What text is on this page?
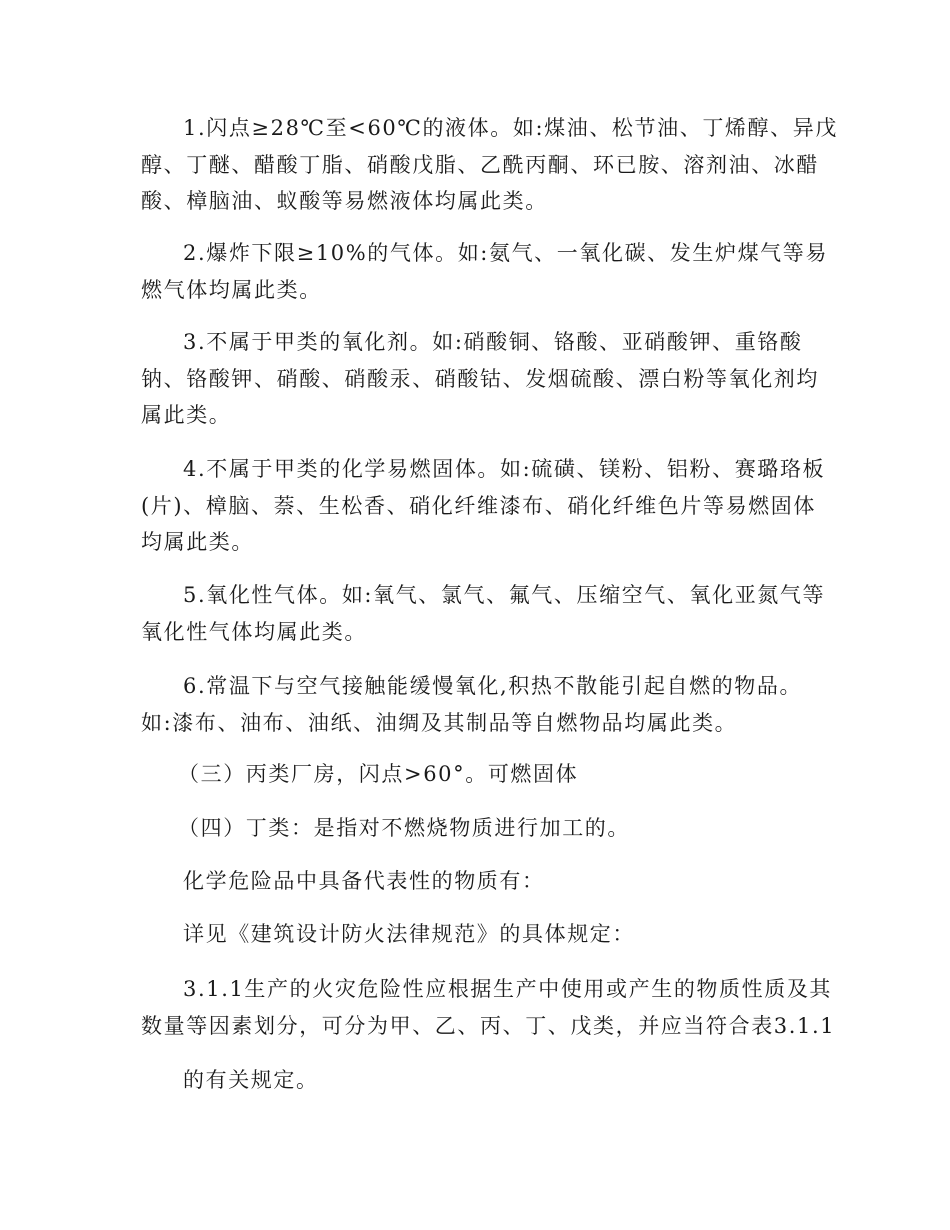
1.闪点≥28℃至<60℃的液体。如:煤油、松节油、丁烯醇、异戊
醇、丁醚、醋酸丁脂、硝酸戊脂、乙酰丙酮、环已胺、溶剂油、冰醋
酸、樟脑油、蚁酸等易燃液体均属此类。
2.爆炸下限≥10%的气体。如:氨气、一氧化碳、发生炉煤气等易
燃气体均属此类。
3.不属于甲类的氧化剂。如:硝酸铜、铬酸、亚硝酸钾、重铬酸
钠、铬酸钾、硝酸、硝酸汞、硝酸钴、发烟硫酸、漂白粉等氧化剂均
属此类。
4.不属于甲类的化学易燃固体。如:硫磺、镁粉、铝粉、赛璐珞板
(片)、樟脑、萘、生松香、硝化纤维漆布、硝化纤维色片等易燃固体
均属此类。
5.氧化性气体。如:氧气、氯气、氟气、压缩空气、氧化亚氮气等
氧化性气体均属此类。
6.常温下与空气接触能缓慢氧化,积热不散能引起自燃的物品。
如:漆布、油布、油纸、油绸及其制品等自燃物品均属此类。
（三）丙类厂房，闪点>60°。可燃固体
（四）丁类：是指对不燃烧物质进行加工的。
化学危险品中具备代表性的物质有：
详见《建筑设计防火法律规范》的具体规定：
3.1.1生产的火灾危险性应根据生产中使用或产生的物质性质及其
数量等因素划分，可分为甲、乙、丙、丁、戊类，并应当符合表3.1.1
的有关规定。
